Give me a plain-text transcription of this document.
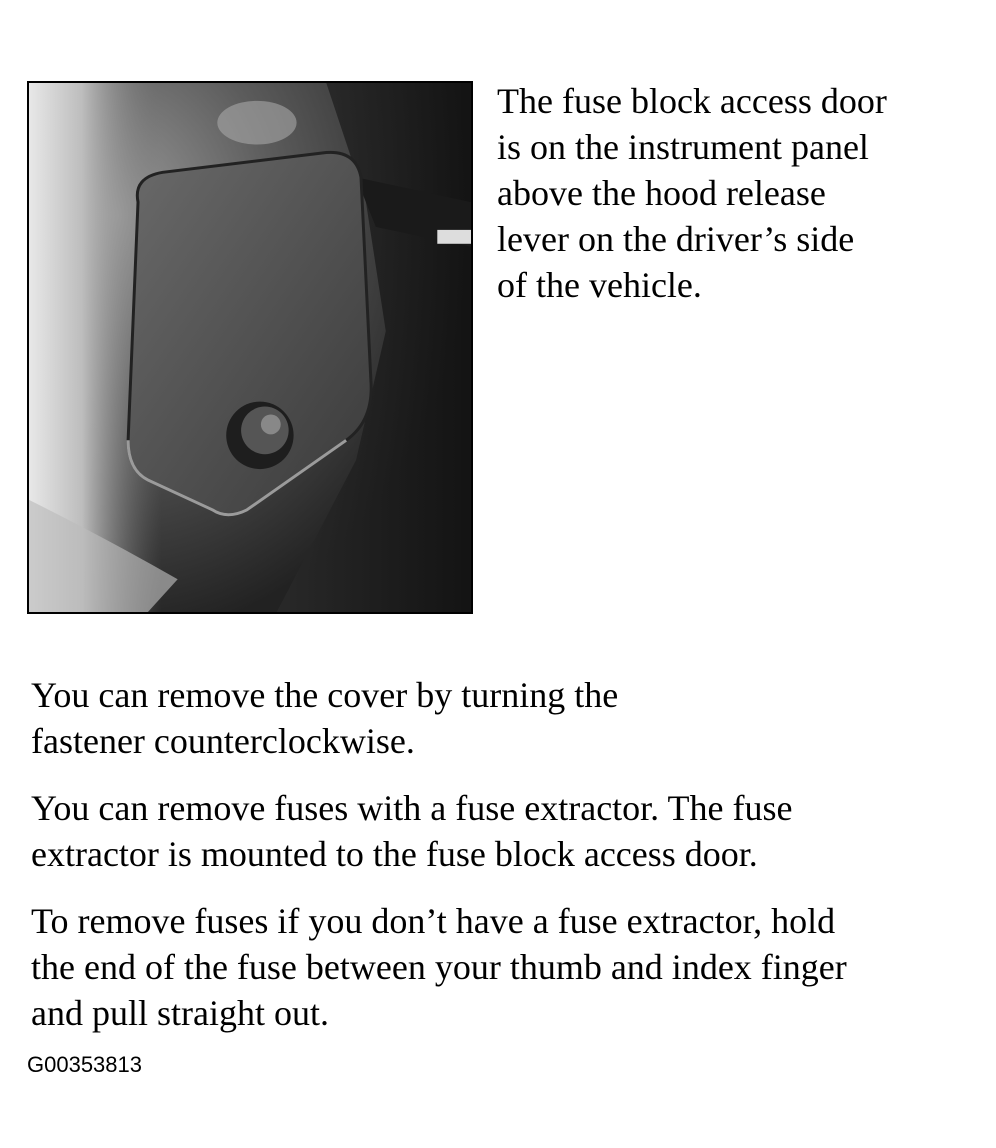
The fuse block access door
is on the instrument panel
above the hood release
lever on the driver’s side
of the vehicle.

You can remove the cover by turning the
fastener counterclockwise.

You can remove fuses with a fuse extractor. The fuse
extractor is mounted to the fuse block access door.

To remove fuses if you don’t have a fuse extractor, hold
the end of the fuse between your thumb and index finger
and pull straight out.

G00353813
